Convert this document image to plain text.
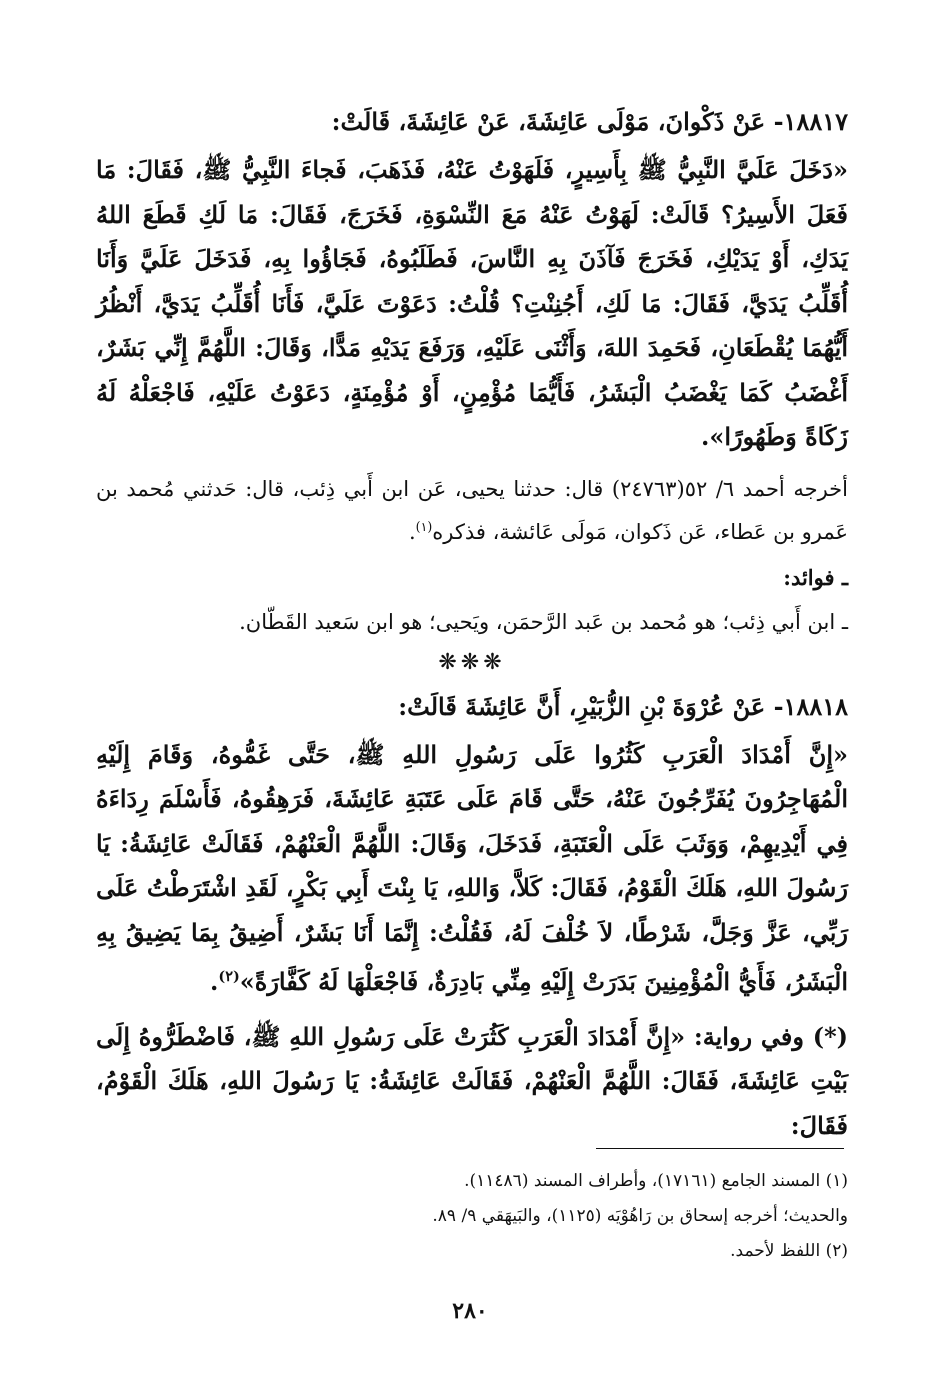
١٨٨١٧- عَنْ ذَكْوانَ، مَوْلَى عَائِشَةَ، عَنْ عَائِشَةَ، قَالَتْ:

«دَخَلَ عَلَيَّ النَّبِيُّ ﷺ بِأَسِيرٍ، فَلَهَوْتُ عَنْهُ، فَذَهَبَ، فَجاءَ النَّبِيُّ ﷺ، فَقَالَ: مَا فَعَلَ الأَسِيرُ؟ قَالَتْ: لَهَوْتُ عَنْهُ مَعَ النِّسْوَةِ، فَخَرَجَ، فَقَالَ: مَا لَكِ قَطَعَ اللهُ يَدَكِ، أَوْ يَدَيْكِ، فَخَرَجَ فَآذَنَ بِهِ النَّاسَ، فَطَلَبُوهُ، فَجَاؤُوا بِهِ، فَدَخَلَ عَلَيَّ وَأَنَا أُقَلِّبُ يَدَيَّ، فَقَالَ: مَا لَكِ، أَجُنِنْتِ؟ قُلْتُ: دَعَوْتَ عَلَيَّ، فَأَنَا أُقَلِّبُ يَدَيَّ، أَنْظُرُ أَيُّهُمَا يُقْطَعَانِ، فَحَمِدَ اللهَ، وَأَثْنَى عَلَيْهِ، وَرَفَعَ يَدَيْهِ مَدًّا، وَقَالَ: اللَّهُمَّ إِنِّي بَشَرٌ، أَغْضَبُ كَمَا يَغْضَبُ الْبَشَرُ، فَأَيُّمَا مُؤْمِنٍ، أَوْ مُؤْمِنَةٍ، دَعَوْتُ عَلَيْهِ، فَاجْعَلْهُ لَهُ زَكَاةً وَطَهُورًا».

أخرجه أحمد ٦/ ٥٢(٢٤٧٦٣) قال: حدثنا يحيى، عَن ابن أَبي ذِئب، قال: حَدثني مُحمد بن عَمرو بن عَطاء، عَن ذَكوان، مَولَى عَائشة، فذكره$^{(١)}$.

ـ فوائد:

ـ ابن أَبي ذِئب؛ هو مُحمد بن عَبد الرَّحمَن، ويَحيى؛ هو ابن سَعيد القَطّان.

❋❋❋

١٨٨١٨- عَنْ عُرْوَةَ بْنِ الزُّبَيْرِ، أَنَّ عَائِشَةَ قَالَتْ:

«إِنَّ أَمْدَادَ الْعَرَبِ كَثُرُوا عَلَى رَسُولِ اللهِ ﷺ، حَتَّى غَمُّوهُ، وَقَامَ إِلَيْهِ الْمُهَاجِرُونَ يُفَرِّجُونَ عَنْهُ، حَتَّى قَامَ عَلَى عَتَبَةِ عَائِشَةَ، فَرَهِقُوهُ، فَأَسْلَمَ رِدَاءَهُ فِي أَيْدِيهِمْ، وَوَثَبَ عَلَى الْعَتَبَةِ، فَدَخَلَ، وَقَالَ: اللَّهُمَّ الْعَنْهُمْ، فَقَالَتْ عَائِشَةُ: يَا رَسُولَ اللهِ، هَلَكَ الْقَوْمُ، فَقَالَ: كَلاَّ، وَاللهِ، يَا بِنْتَ أَبِي بَكْرٍ، لَقَدِ اشْتَرَطْتُ عَلَى رَبِّي، عَزَّ وَجَلَّ، شَرْطًا، لاَ خُلْفَ لَهُ، فَقُلْتُ: إِنَّمَا أَنَا بَشَرٌ، أَضِيقُ بِمَا يَضِيقُ بِهِ الْبَشَرُ، فَأَيُّ الْمُؤْمِنِينَ بَدَرَتْ إِلَيْهِ مِنِّي بَادِرَةٌ، فَاجْعَلْهَا لَهُ كَفَّارَةً»$^{(٢)}$.

(*) وفي رواية: «إِنَّ أَمْدَادَ الْعَرَبِ كَثُرَتْ عَلَى رَسُولِ اللهِ ﷺ، فَاضْطَرُّوهُ إِلَى بَيْتِ عَائِشَةَ، فَقَالَ: اللَّهُمَّ الْعَنْهُمْ، فَقَالَتْ عَائِشَةُ: يَا رَسُولَ اللهِ، هَلَكَ الْقَوْمُ، فَقَالَ:

(١) المسند الجامع (١٧١٦١)، وأطراف المسند (١١٤٨٦).

والحديث؛ أخرجه إسحاق بن رَاهُوْيَه (١١٢٥)، والبَيهَقي ٩/ ٨٩.

(٢) اللفظ لأحمد.

٢٨٠
